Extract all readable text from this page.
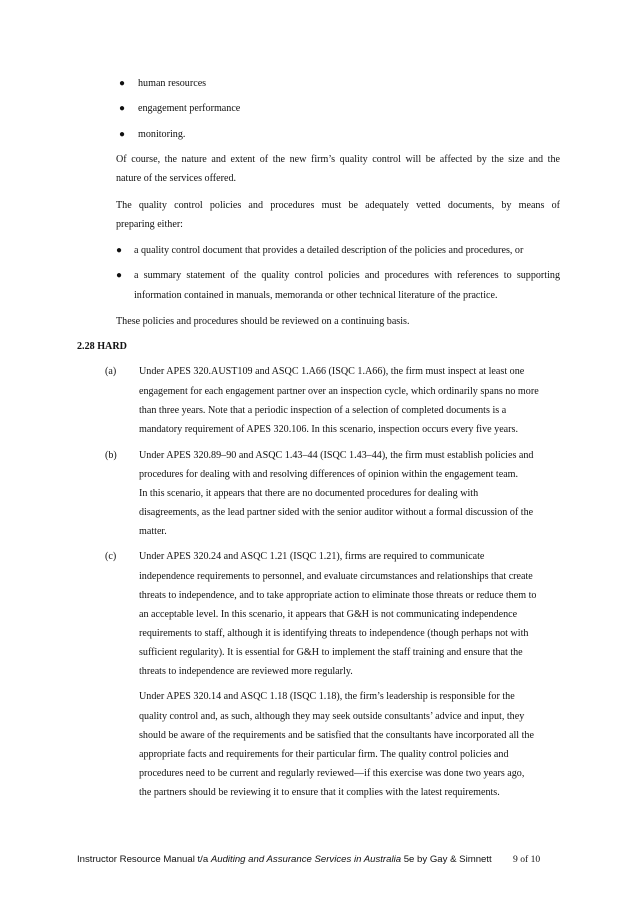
● human resources
● engagement performance
● monitoring.
Of course, the nature and extent of the new firm’s quality control will be affected by the size and the
nature of the services offered.
The quality control policies and procedures must be adequately vetted documents, by means of
preparing either:
● a quality control document that provides a detailed description of the policies and procedures, or
● a summary statement of the quality control policies and procedures with references to supporting
information contained in manuals, memoranda or other technical literature of the practice.
These policies and procedures should be reviewed on a continuing basis.
2.28 HARD
(a) Under APES 320.AUST109 and ASQC 1.A66 (ISQC 1.A66), the firm must inspect at least one
engagement for each engagement partner over an inspection cycle, which ordinarily spans no more
than three years. Note that a periodic inspection of a selection of completed documents is a
mandatory requirement of APES 320.106. In this scenario, inspection occurs every five years.
(b) Under APES 320.89–90 and ASQC 1.43–44 (ISQC 1.43–44), the firm must establish policies and
procedures for dealing with and resolving differences of opinion within the engagement team.
In this scenario, it appears that there are no documented procedures for dealing with
disagreements, as the lead partner sided with the senior auditor without a formal discussion of the
matter.
(c) Under APES 320.24 and ASQC 1.21 (ISQC 1.21), firms are required to communicate
independence requirements to personnel, and evaluate circumstances and relationships that create
threats to independence, and to take appropriate action to eliminate those threats or reduce them to
an acceptable level. In this scenario, it appears that G&H is not communicating independence
requirements to staff, although it is identifying threats to independence (though perhaps not with
sufficient regularity). It is essential for G&H to implement the staff training and ensure that the
threats to independence are reviewed more regularly.
Under APES 320.14 and ASQC 1.18 (ISQC 1.18), the firm’s leadership is responsible for the
quality control and, as such, although they may seek outside consultants’ advice and input, they
should be aware of the requirements and be satisfied that the consultants have incorporated all the
appropriate facts and requirements for their particular firm. The quality control policies and
procedures need to be current and regularly reviewed—if this exercise was done two years ago,
the partners should be reviewing it to ensure that it complies with the latest requirements.
Instructor Resource Manual t/a Auditing and Assurance Services in Australia 5e by Gay & Simnett 9 of 10
